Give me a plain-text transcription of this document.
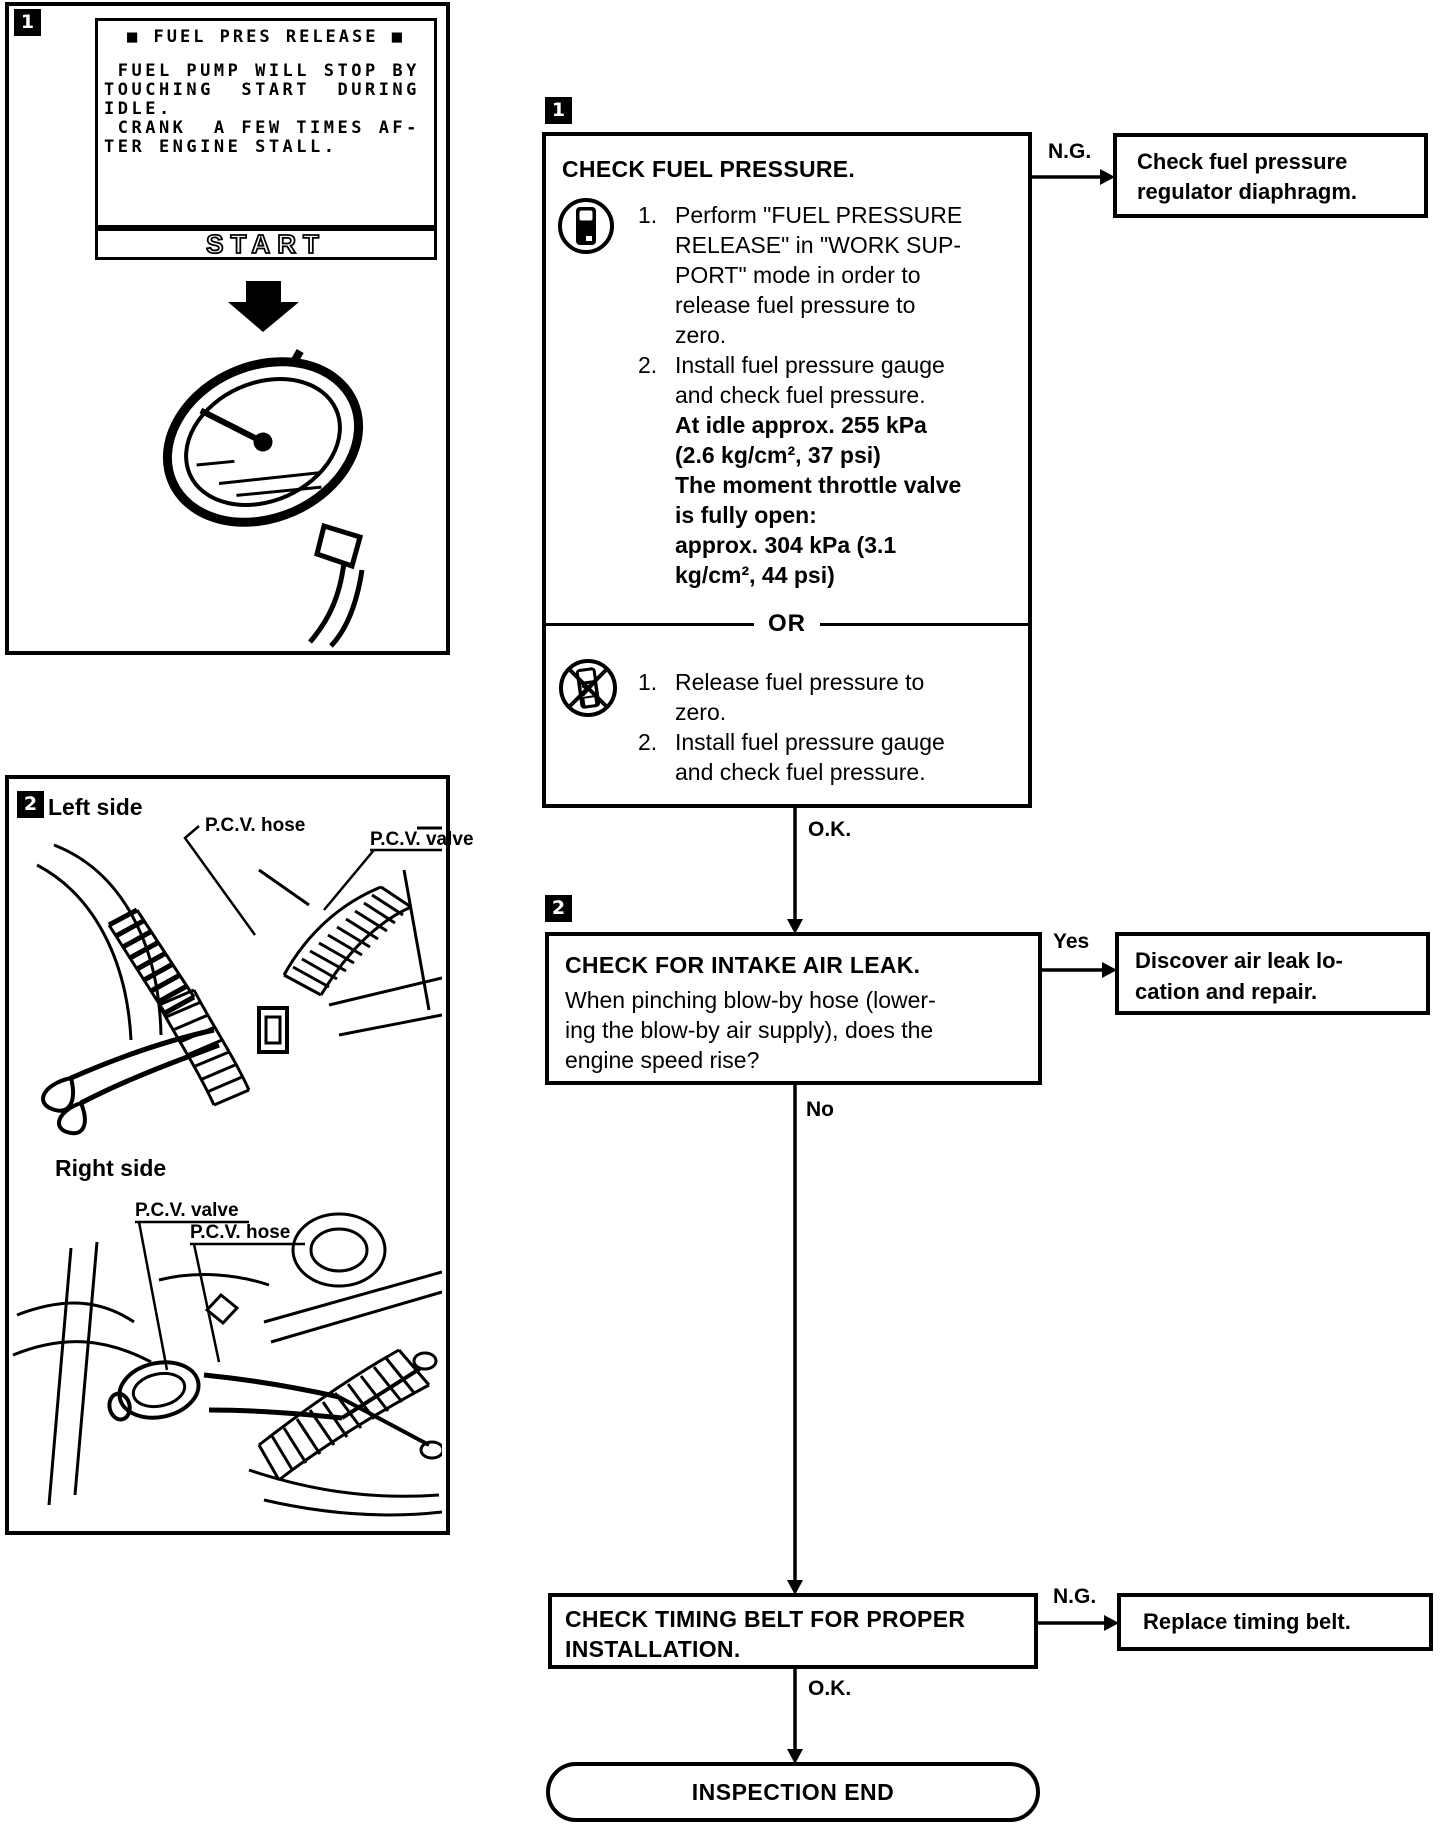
1
■ FUEL PRES RELEASE ■
FUEL PUMP WILL STOP BY
TOUCHING  START  DURING
IDLE.
CRANK  A FEW TIMES AF-
TER ENGINE STALL.
START
2 Left side
P.C.V. hose
P.C.V. valve
Right side
P.C.V. valve
P.C.V. hose
1
OR
CHECK FUEL PRESSURE.
1. Perform "FUEL PRESSURE
RELEASE" in "WORK SUP-
PORT" mode in order to
release fuel pressure to
zero.
2. Install fuel pressure gauge
and check fuel pressure.
At idle approx. 255 kPa
(2.6 kg/cm², 37 psi)
The moment throttle valve
is fully open:
approx. 304 kPa (3.1
kg/cm², 44 psi)
1. Release fuel pressure to
zero.
2. Install fuel pressure gauge
and check fuel pressure.
N.G. Check fuel pressure
regulator diaphragm.
O.K.
2
CHECK FOR INTAKE AIR LEAK.
When pinching blow-by hose (lower-
ing the blow-by air supply), does the
engine speed rise?
Yes
Discover air leak lo-
cation and repair.
No
CHECK TIMING BELT FOR PROPER
INSTALLATION.
N.G.
Replace timing belt.
O.K.
INSPECTION END
